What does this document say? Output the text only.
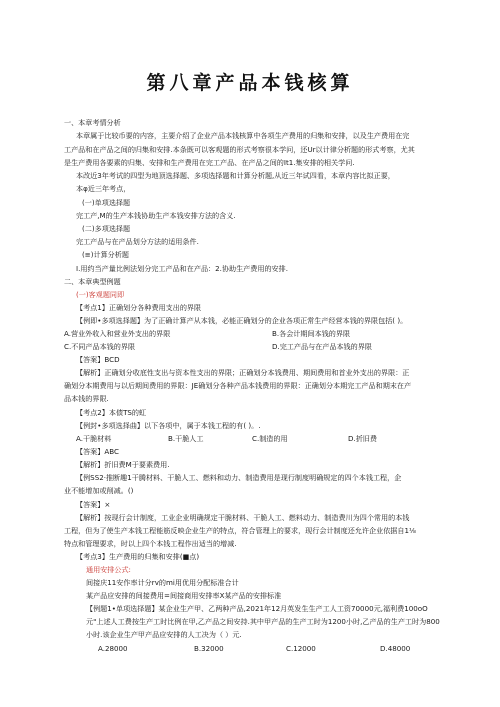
第八章产品本钱核算
一、本章考情分析
本章属于比较币要的内容，主要介绍了企业产品本钱核算中各项生产费用的归集和安排，以及生产费用在完
工产品和在产品之间的归集和安排.本条既可以客观题的形式考察很本学问，还Ur以计律分析题的形式考察，尤其
是生产费用各要素的归集、安排和生产费用在完工产品、在产品之间的It1.集安排的相关学问.
本改近3年考试的四型为地顶选择题、多项选择题和计算分析题,从近三年试四看，本章内容比拟正要，
本φ近三年考点，
(一)单项选择题
完工产,M的生产本钱协助生产本钱安排方法的含义.
(二)多项选择题
完工产品与在产品划分方法的适用条件.
(≡)计算分析题
I.用约当产量比例法划分完工产品和在产品：2.协助生产费用的安排.
二、本章典型例题
(一)客观题同即
【考点1】正确划分各种费用支出的界限
【例即•多项选择题】为了正确计算产从本钱，必能正确划分的企业各项正常生产经营本钱的界限包括( )。
A.营业外收入和营业外支出的界限	B.各会计期间本钱的界限
C.不同产品本钱的界限	D.完工产品与在产品本钱的界限
【答案】BCD
【解析】正确划分收底性支出与资本性支出的界限；正确划分本钱费用、期间费用和首业外支出的界限：正
确划分本期费用与以后期间费用的界限：JE确划分各种产品本钱费用的界限：正确划分本期完工产品和期末在产
品本钱的界限.
【考点2】本债TS的虹
【例封•多项选择曲】以下各项中，属于本钱工程的有( )。.
A.干脆材料	B.干脆人工	C.制造的用	D.折旧费
【答案】ABC
【解析】折旧费M于要素费用.
【例SS2·推断趣1干腾材料、干脆人工、燃料和动力、制造费用是现行制度明确规定的四个本钱工程，企
业不能增加或削减。()
【答案】×
【解析】按现行会计制度，工业企业明确规定干脆材料、干脆人工、燃料动力、制造费川为四个常用的本钱
工程，但为了使生产本钱工程能筋反映企业生产的特点，符合管理上的要求，现行会计制度还允许企业依据自1⅛
特点和管理要求，时以上四个本钱工程作出适当的增减.
【考点3】生产费用的归集和安排(■点)
通用安排公式:
间接庆11安作率计分rv的mi用优用分配标准合计
某产品应安排的间接费用=间接商用安排率X某产品的安排标准
【例题1•单项选择题】某企业生产甲、乙两种产品,2021年12月英发生生产工人工资70000元,福利费100oO
元"上述人工费按生产工时比例在甲,乙产品之间安持.其中甲产品的生产工时为1200小时,乙产品的生产工时为800
小时.该企业生产甲产品应安排的人工决为（ ）元.
A.28000	B.32000	C.12000	D.48000
